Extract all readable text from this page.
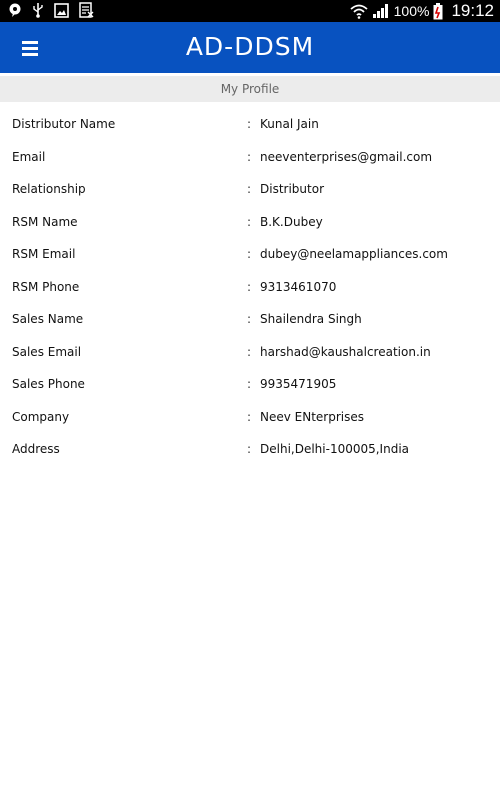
100% 19:12
AD-DDSM
My Profile
Distributor Name	: Kunal Jain
Email	: neeventerprises@gmail.com
Relationship	: Distributor
RSM Name	: B.K.Dubey
RSM Email	: dubey@neelamappliances.com
RSM Phone	: 9313461070
Sales Name	: Shailendra Singh
Sales Email	: harshad@kaushalcreation.in
Sales Phone	: 9935471905
Company	: Neev ENterprises
Address	: Delhi,Delhi-100005,India
